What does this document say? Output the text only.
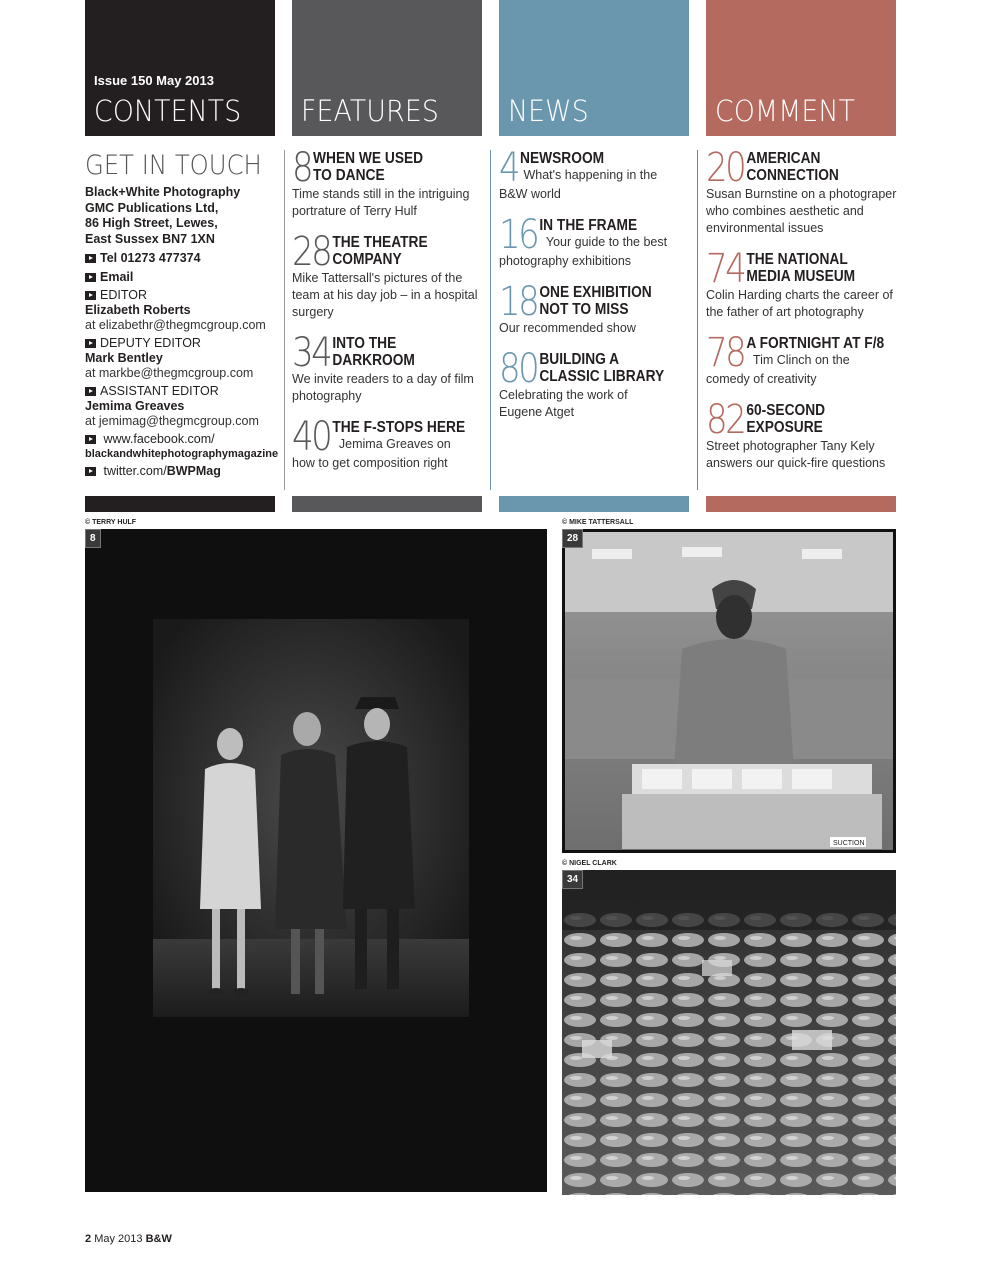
Issue 150 May 2013
CONTENTS FEATURES NEWS	COMMENT
GET IN TOUCH
Black+White Photography
GMC Publications Ltd,
86 High Street, Lewes,
East Sussex BN7 1XN
Tel 01273 477374
Email
EDITOR
Elizabeth Roberts
at elizabethr@thegmcgroup.com
DEPUTY EDITOR
Mark Bentley
at markbe@thegmcgroup.com
ASSISTANT EDITOR
Jemima Greaves
at jemimag@thegmcgroup.com
www.facebook.com/
blackandwhitephotographymagazine
twitter.com/BWPMag
8 WHEN WE USED
TO DANCE
Time stands still in the intriguing portrature of Terry Hulf
28 THE THEATRE
COMPANY
Mike Tattersall's pictures of the team at his day job – in a hospital surgery
34 INTO THE
DARKROOM
We invite readers to a day of film photography
40 THE F-STOPS HERE
Jemima Greaves on
how to get composition right
4 NEWSROOM
What's happening in the
B&W world
16 IN THE FRAME
Your guide to the best
photography exhibitions
18 ONE EXHIBITION
NOT TO MISS
Our recommended show
80 BUILDING A
CLASSIC LIBRARY
Celebrating the work of Eugene Atget
20 AMERICAN
CONNECTION
Susan Burnstine on a photograper who combines aesthetic and environmental issues
74 THE NATIONAL
MEDIA MUSEUM
Colin Harding charts the career of the father of art photography
78 A FORTNIGHT AT F/8
Tim Clinch on the
comedy of creativity
82 60-SECOND
EXPOSURE
Street photographer Tany Kely answers our quick-fire questions
© TERRY HULF
8
© MIKE TATTERSALL
SUCTION
28
© NIGEL CLARK
34
2 May 2013 B&W
